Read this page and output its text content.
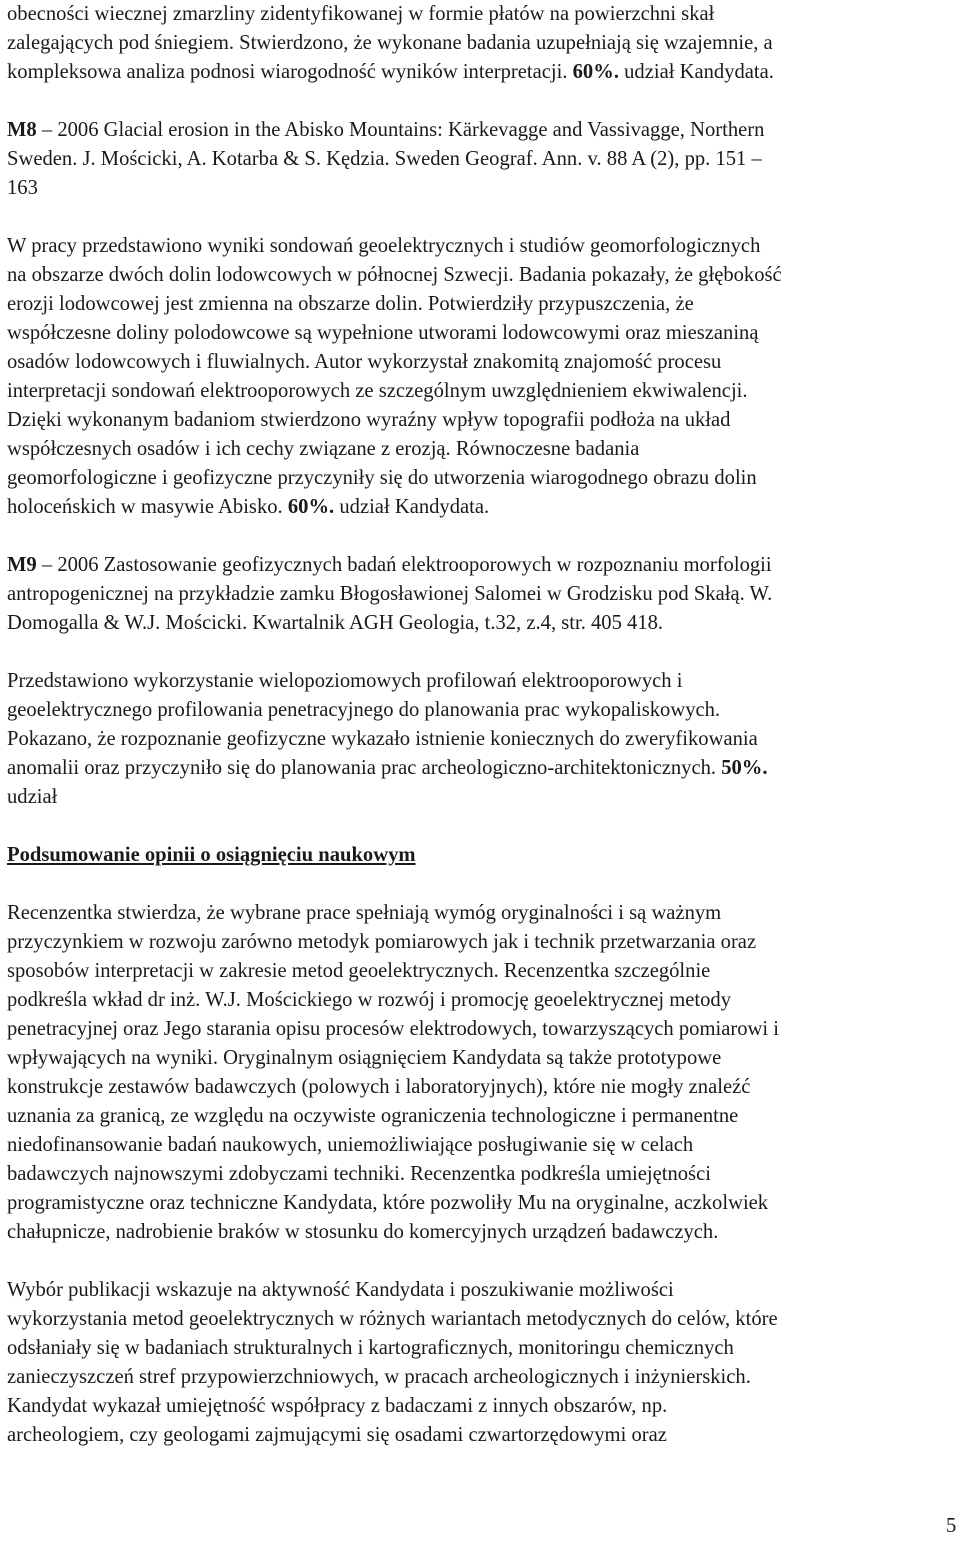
obecności wiecznej zmarzliny zidentyfikowanej w formie płatów na powierzchni skał
zalegających pod śniegiem. Stwierdzono, że wykonane badania uzupełniają się wzajemnie, a
kompleksowa analiza podnosi wiarogodność wyników interpretacji. 60%. udział Kandydata.
M8 – 2006 Glacial erosion in the Abisko Mountains: Kärkevagge and Vassivagge, Northern
Sweden. J. Mościcki, A. Kotarba & S. Kędzia. Sweden Geograf. Ann. v. 88 A (2), pp. 151 –
163
W pracy przedstawiono wyniki sondowań geoelektrycznych i studiów geomorfologicznych
na obszarze dwóch dolin lodowcowych w północnej Szwecji. Badania pokazały, że głębokość
erozji lodowcowej jest zmienna na obszarze dolin. Potwierdziły przypuszczenia, że
współczesne doliny polodowcowe są wypełnione utworami lodowcowymi oraz mieszaniną
osadów lodowcowych i fluwialnych. Autor wykorzystał znakomitą znajomość procesu
interpretacji sondowań elektrooporowych ze szczególnym uwzględnieniem ekwiwalencji.
Dzięki wykonanym badaniom stwierdzono wyraźny wpływ topografii podłoża na układ
współczesnych osadów i ich cechy związane z erozją. Równoczesne badania
geomorfologiczne i geofizyczne przyczyniły się do utworzenia wiarogodnego obrazu dolin
holoceńskich w masywie Abisko. 60%. udział Kandydata.
M9 – 2006 Zastosowanie geofizycznych badań elektrooporowych w rozpoznaniu morfologii
antropogenicznej na przykładzie zamku Błogosławionej Salomei w Grodzisku pod Skałą. W.
Domogalla & W.J. Mościcki. Kwartalnik AGH Geologia, t.32, z.4, str. 405 418.
Przedstawiono wykorzystanie wielopoziomowych profilowań elektrooporowych i
geoelektrycznego profilowania penetracyjnego do planowania prac wykopaliskowych.
Pokazano, że rozpoznanie geofizyczne wykazało istnienie koniecznych do zweryfikowania
anomalii oraz przyczyniło się do planowania prac archeologiczno-architektonicznych. 50%.
udział
Podsumowanie opinii o osiągnięciu naukowym
Recenzentka stwierdza, że wybrane prace spełniają wymóg oryginalności i są ważnym
przyczynkiem w rozwoju zarówno metodyk pomiarowych jak i technik przetwarzania oraz
sposobów interpretacji w zakresie metod geoelektrycznych. Recenzentka szczególnie
podkreśla wkład dr inż. W.J. Mościckiego w rozwój i promocję geoelektrycznej metody
penetracyjnej oraz Jego starania opisu procesów elektrodowych, towarzyszących pomiarowi i
wpływających na wyniki. Oryginalnym osiągnięciem Kandydata są także prototypowe
konstrukcje zestawów badawczych (polowych i laboratoryjnych), które nie mogły znaleźć
uznania za granicą, ze względu na oczywiste ograniczenia technologiczne i permanentne
niedofinansowanie badań naukowych, uniemożliwiające posługiwanie się w celach
badawczych najnowszymi zdobyczami techniki. Recenzentka podkreśla umiejętności
programistyczne oraz techniczne Kandydata, które pozwoliły Mu na oryginalne, aczkolwiek
chałupnicze, nadrobienie braków w stosunku do komercyjnych urządzeń badawczych.
Wybór publikacji wskazuje na aktywność Kandydata i poszukiwanie możliwości
wykorzystania metod geoelektrycznych w różnych wariantach metodycznych do celów, które
odsłaniały się w badaniach strukturalnych i kartograficznych, monitoringu chemicznych
zanieczyszczeń stref przypowierzchniowych, w pracach archeologicznych i inżynierskich.
Kandydat wykazał umiejętność współpracy z badaczami z innych obszarów, np.
archeologiem, czy geologami zajmującymi się osadami czwartorzędowymi oraz
5
